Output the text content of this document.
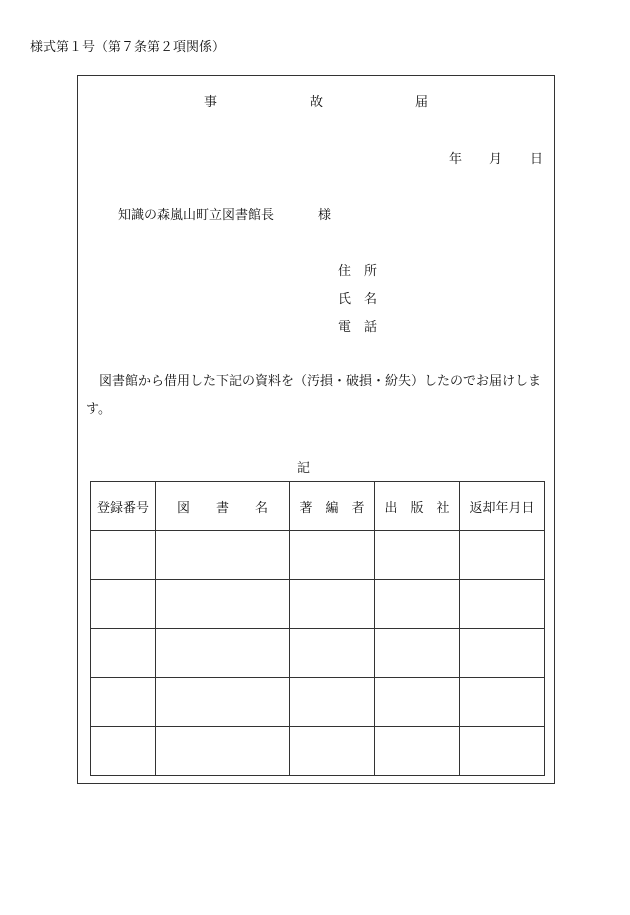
様式第１号（第７条第２項関係）
事	故	届
年 月 日
知識の森嵐山町立図書館長	様
住　所
氏　名
電　話
図書館から借用した下記の資料を（汚損・破損・紛失）したのでお届けします。
記
登録番号	図　　書　　名	著　編　者	出　版　社	返却年月日
